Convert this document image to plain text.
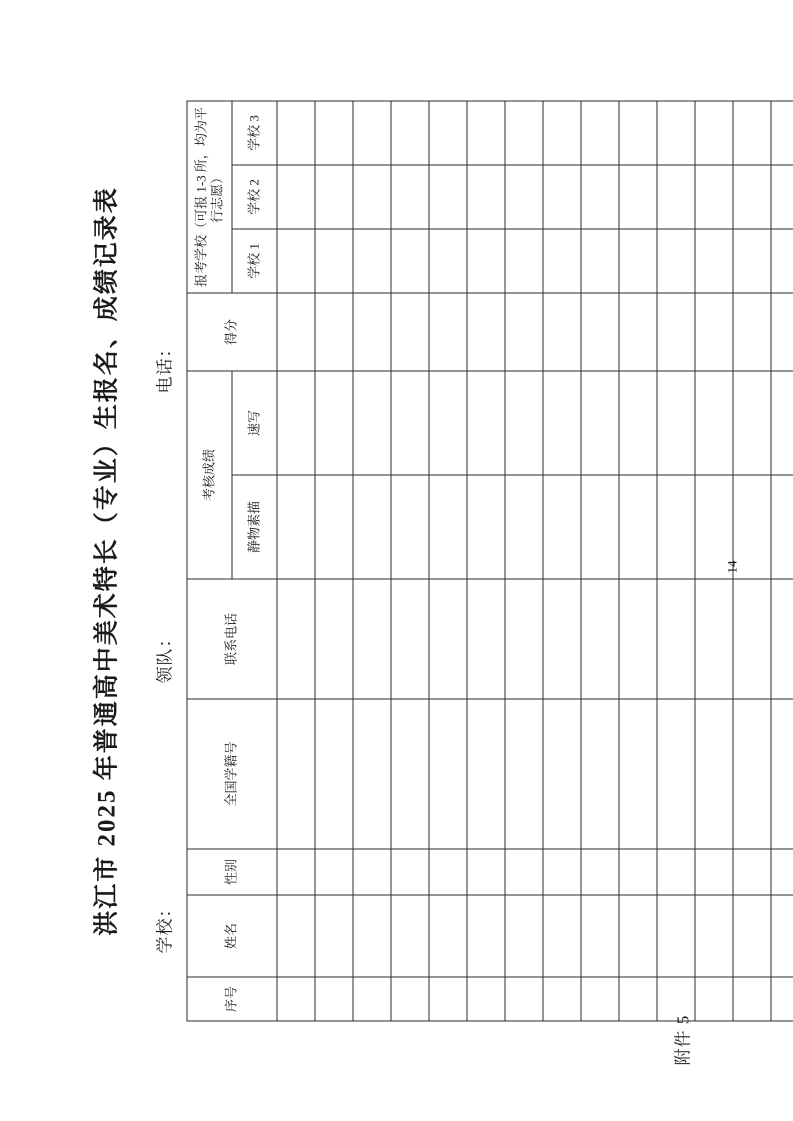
附件 5
14
洪江市 2025 年普通高中美术特长（专业）生报名、成绩记录表 学校：
领队：
电话：
序号	姓名	性别	全国学籍号	联系电话	考核成绩		得分	报考学校（可报 1-3 所，均为平行志愿）		
					静物素描	速写		学校 1	学校 2	学校 3
